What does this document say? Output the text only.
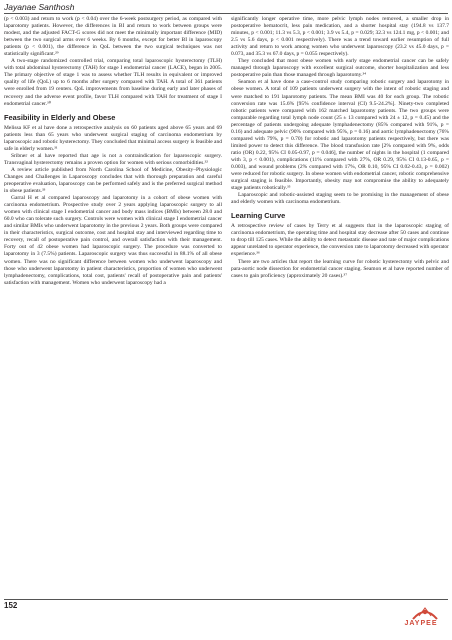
Jayanae Santhosh

(p < 0.003) and return to work (p < 0.04) over the 6-week postsurgery period, as compared with laparotomy patients. However, the differences in BI and return to work between groups were modest, and the adjusted FACT-G scores did not meet the minimally important difference (MID) between the two surgical arms over 6 weeks. By 6 months, except for better BI in laparoscopy patients (p < 0.001), the difference in QoL between the two surgical techniques was not statistically significant.²⁹

A two-stage randomized controlled trial, comparing total laparoscopic hysterectomy (TLH) with total abdominal hysterectomy (TAH) for stage I endometrial cancer (LACE), began in 2005. The primary objective of stage 1 was to assess whether TLH results in equivalent or improved quality of life (QoL) up to 6 months after surgery compared with TAH. A total of 361 patients were enrolled from 19 centers. QoL improvements from baseline during early and later phases of recovery and the adverse event profile, favor TLH compared with TAH for treatment of stage I endometrial cancer.³⁰

Feasibility in Elderly and Obese

Melissa KF et al have done a retrospective analysis on 60 patients aged above 65 years and 69 patients less than 65 years who underwent surgical staging of carcinoma endometrium by laparoscopic and robotic hysterectomy. They concluded that minimal access surgery is feasible and safe in elderly women.³¹

Sribner et al have reported that age is not a contraindication for laparoscopic surgery. Transvaginal hysterectomy remains a proven option for women with serious comorbidities.³²

A review article published from North Carolina School of Medicine, Obesity–Physiologic Changes and Challenges in Laparoscopy concludes that with thorough preparation and careful preoperative evaluation, laparoscopy can be performed safely and is the preferred surgical method in obese patients.³³

Garral H et al compared laparoscopy and laparotomy in a cohort of obese women with carcinoma endometrium. Prospective study over 2 years applying laparoscopic surgery to all women with clinical stage I endometrial cancer and body mass indices (BMIs) between 28.0 and 60.0 who can tolerate such surgery. Controls were women with clinical stage I endometrial cancer and similar BMIs who underwent laparotomy in the previous 2 years. Both groups were compared in their characteristics, surgical outcome, cost and hospital stay and interviewed regarding time to recovery, recall of postoperative pain control, and overall satisfaction with their management. Forty out of 42 obese women had laparoscopic surgery. The procedure was converted to laparotomy in 3 (7.5%) patients. Laparoscopic surgery was thus successful in 88.1% of all obese women. There was no significant difference between women who underwent laparoscopy and those who underwent laparotomy in patient characteristics, proportion of women who underwent lymphadenectomy, complications, total cost, patients' recall of postoperative pain and patients' satisfaction with management. Women who underwent laparoscopy had a

significantly longer operative time, more pelvic lymph nodes removed, a smaller drop in postoperative hematocrit, less pain medication, and a shorter hospital stay (194.8 vs 137.7 minutes, p < 0.001; 11.3 vs 5.3, p < 0.001; 3.9 vs 5.4, p = 0.029; 32.3 vs 124.1 mg, p < 0.001; and 2.5 vs 5.6 days, p < 0.001 respectively). There was a trend toward earlier resumption of full activity and return to work among women who underwent laparoscopy (23.2 vs 45.0 days, p = 0.073, and 35.3 vs 67.0 days, p = 0.055 respectively).

They concluded that most obese women with early stage endometrial cancer can be safely managed through laparoscopy with excellent surgical outcome, shorter hospitalization and less postoperative pain than those managed through laparotomy.³⁴

Seamon et al have done a case-control study comparing robotic surgery and laparotomy in obese women. A total of 109 patients underwent surgery with the intent of robotic staging and were matched to 191 laparotomy patients. The mean BMI was 40 for each group. The robotic conversion rate was 15.6% [95% confidence interval (CI) 9.5-24.2%]. Ninety-two completed robotic patients were compared with 162 matched laparotomy patients. The two groups were comparable regarding total lymph node count (25 ± 13 compared with 24 ± 12, p = 0.45) and the percentage of patients undergoing adequate lymphadenectomy (85% compared with 91%, p = 0.16) and adequate pelvic (90% compared with 95%, p = 0.16) and aortic lymphadenectomy (76% compared with 79%, p = 0.70) for robotic and laparotomy patients respectively, but there was limited power to detect this difference. The blood transfusion rate [2% compared with 9%, odds ratio (OR) 0.22, 95% CI 0.05-0.97, p = 0.046], the number of nights in the hospital (1 compared with 3, p < 0.001), complications (11% compared with 27%, OR 0.29, 95% CI 0.13-0.65, p = 0.003), and wound problems (2% compared with 17%, OR 0.10, 95% CI 0.02-0.43, p = 0.002) were reduced for robotic surgery. In obese women with endometrial cancer, robotic comprehensive surgical staging is feasible. Importantly, obesity may not compromise the ability to adequately stage patients robotically.³⁵

Laparoscopic and robotic-assisted staging seem to be promising in the management of obese and elderly women with carcinoma endometrium.

Learning Curve

A retrospective review of cases by Terry et al suggests that in the laparoscopic staging of carcinoma endometrium, the operating time and hospital stay decrease after 50 cases and continue to drop till 125 cases. While the ability to detect metastatic disease and rate of major complications appear unrelated to operator experience, the conversion rate to laparotomy decreased with operator experience.³⁶

There are two articles that report the learning curve for robotic hysterectomy with pelvic and para-aortic node dissection for endometrial cancer staging. Seamon et al have reported number of cases to gain proficiency (approximately 20 cases).³⁷

152
JAYPEE
